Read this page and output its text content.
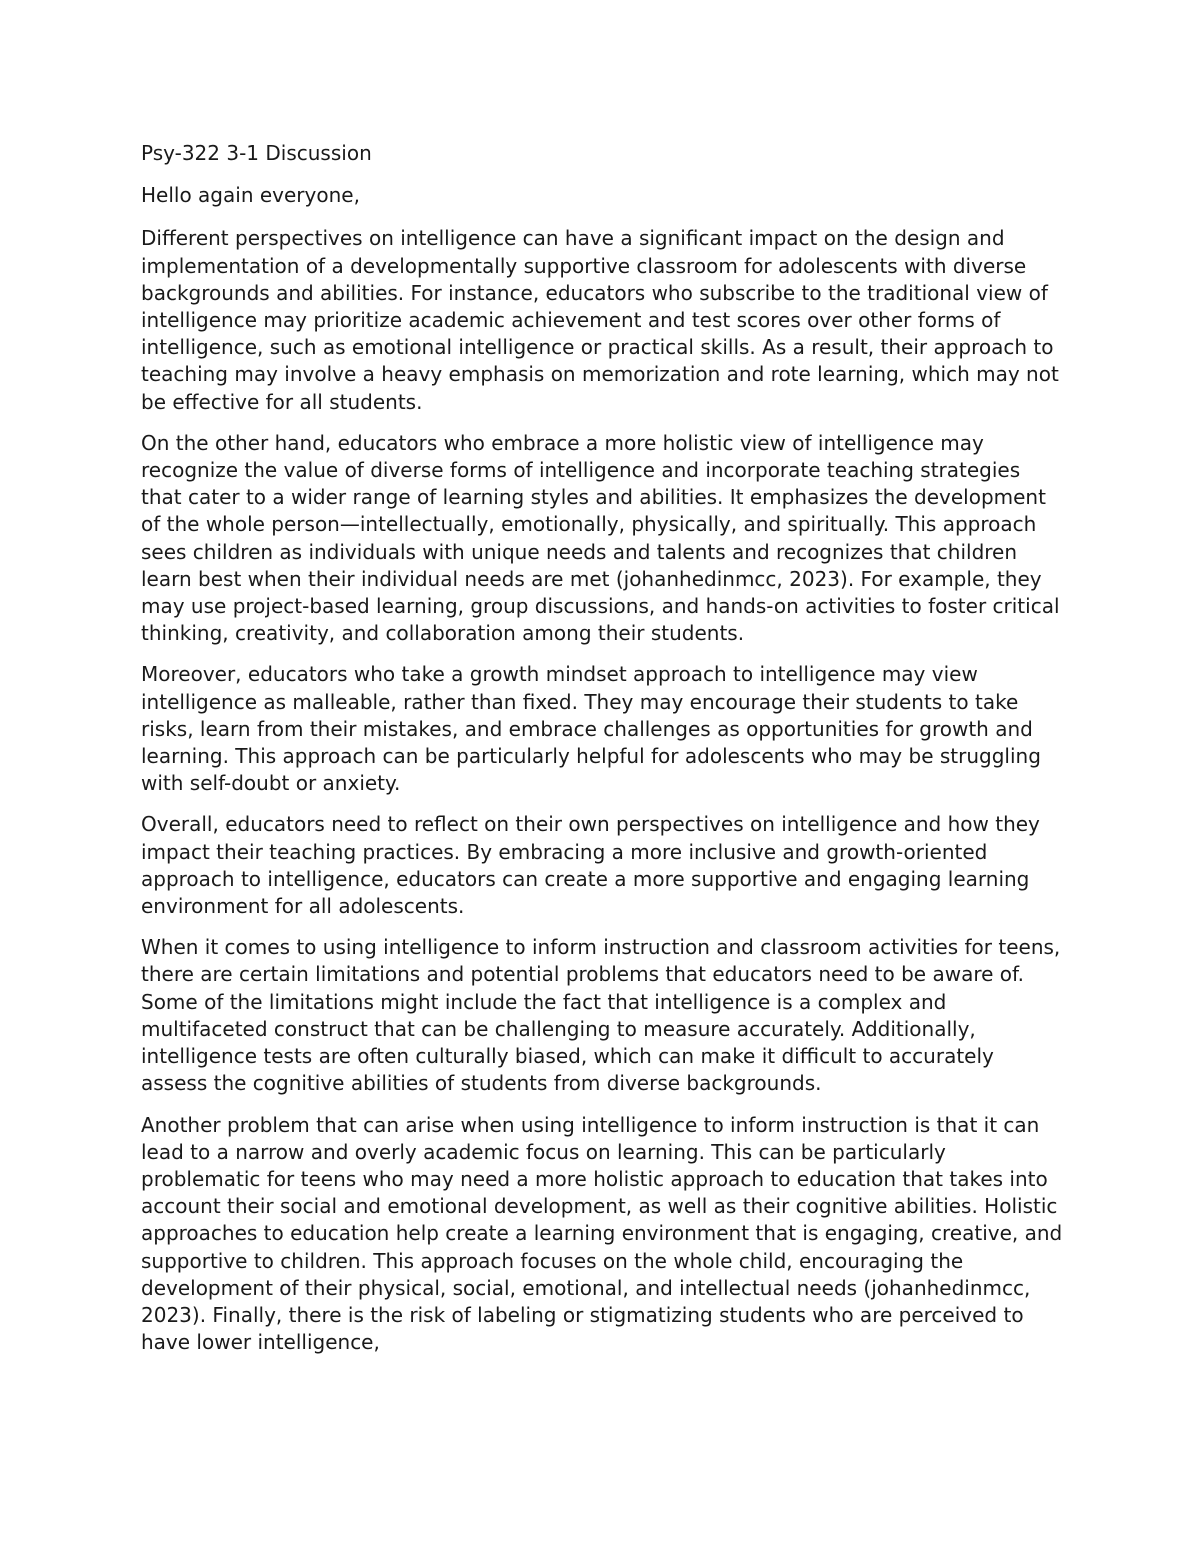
Psy-322 3-1 Discussion

Hello again everyone,

Different perspectives on intelligence can have a significant impact on the design and implementation of a developmentally supportive classroom for adolescents with diverse backgrounds and abilities. For instance, educators who subscribe to the traditional view of intelligence may prioritize academic achievement and test scores over other forms of intelligence, such as emotional intelligence or practical skills. As a result, their approach to teaching may involve a heavy emphasis on memorization and rote learning, which may not be effective for all students.

On the other hand, educators who embrace a more holistic view of intelligence may recognize the value of diverse forms of intelligence and incorporate teaching strategies that cater to a wider range of learning styles and abilities. It emphasizes the development of the whole person—intellectually, emotionally, physically, and spiritually. This approach sees children as individuals with unique needs and talents and recognizes that children learn best when their individual needs are met (johanhedinmcc, 2023). For example, they may use project-based learning, group discussions, and hands-on activities to foster critical thinking, creativity, and collaboration among their students.

Moreover, educators who take a growth mindset approach to intelligence may view intelligence as malleable, rather than fixed. They may encourage their students to take risks, learn from their mistakes, and embrace challenges as opportunities for growth and learning. This approach can be particularly helpful for adolescents who may be struggling with self-doubt or anxiety.

Overall, educators need to reflect on their own perspectives on intelligence and how they impact their teaching practices. By embracing a more inclusive and growth-oriented approach to intelligence, educators can create a more supportive and engaging learning environment for all adolescents.

When it comes to using intelligence to inform instruction and classroom activities for teens, there are certain limitations and potential problems that educators need to be aware of. Some of the limitations might include the fact that intelligence is a complex and multifaceted construct that can be challenging to measure accurately. Additionally, intelligence tests are often culturally biased, which can make it difficult to accurately assess the cognitive abilities of students from diverse backgrounds.

Another problem that can arise when using intelligence to inform instruction is that it can lead to a narrow and overly academic focus on learning. This can be particularly problematic for teens who may need a more holistic approach to education that takes into account their social and emotional development, as well as their cognitive abilities. Holistic approaches to education help create a learning environment that is engaging, creative, and supportive to children. This approach focuses on the whole child, encouraging the development of their physical, social, emotional, and intellectual needs (johanhedinmcc, 2023). Finally, there is the risk of labeling or stigmatizing students who are perceived to have lower intelligence,
